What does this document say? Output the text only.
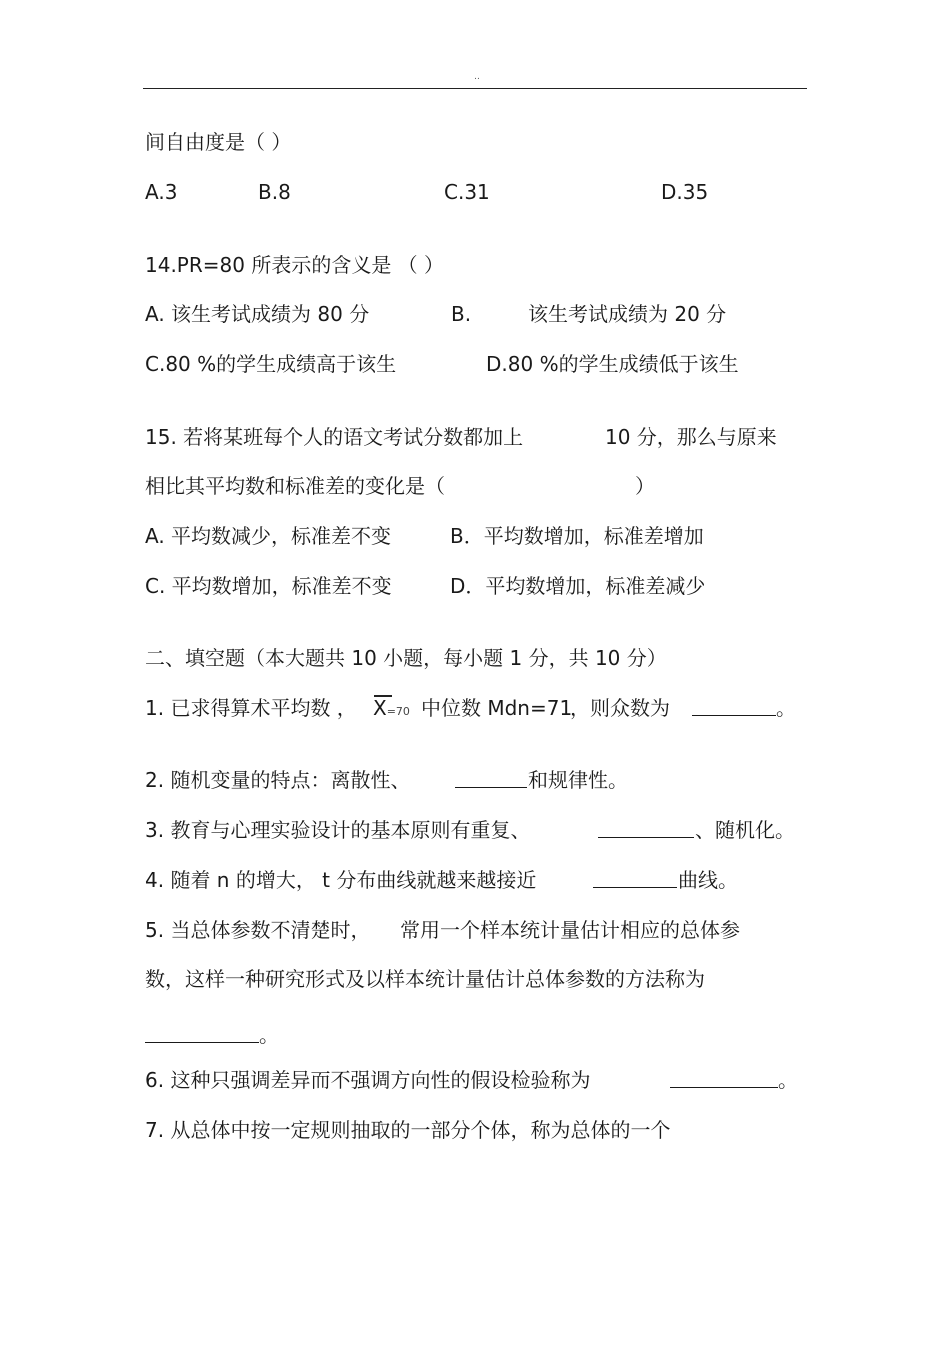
..
间自由度是（ ）
A.3	B.8	C.31	D.35
14.PR=80 所表示的含义是 （ ）
A. 该生考试成绩为 80 分	B.	该生考试成绩为 20 分
C.80 %的学生成绩高于该生	D.80 %的学生成绩低于该生
15. 若将某班每个人的语文考试分数都加上	10 分，那么与原来
相比其平均数和标准差的变化是（	）
A. 平均数减少，标准差不变	B．平均数增加，标准差增加
C. 平均数增加，标准差不变	D．平均数增加，标准差减少
二、填空题（本大题共 10 小题，每小题 1 分，共 10 分）
1. 已求得算术平均数 ， X=70 中位数 Mdn=71
，则众数为	。
2. 随机变量的特点：离散性、	和规律性。
3. 教育与心理实验设计的基本原则有重复、	、随机化。
4. 随着 n 的增大， t 分布曲线就越来越接近	曲线。
5. 当总体参数不清楚时， 常用一个样本统计量估计相应的总体参
数，这样一种研究形式及以样本统计量估计总体参数的方法称为
。
6. 这种只强调差异而不强调方向性的假设检验称为	。
7. 从总体中按一定规则抽取的一部分个体，称为总体的一个
